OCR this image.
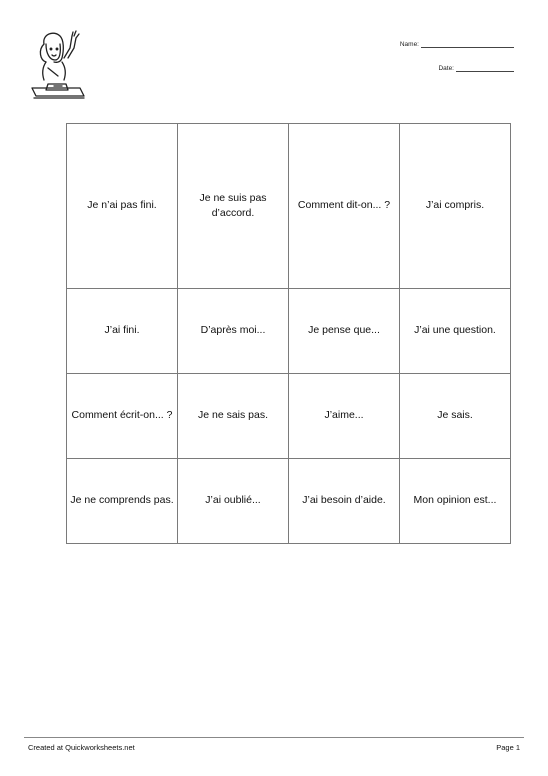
Name:
Date:
Je n’ai pas fini.	Je ne suis pas d’accord.	Comment dit-on... ?	J’ai compris.
J’ai fini.	D’après moi...	Je pense que...	J’ai une question.
Comment écrit-on... ?	Je ne sais pas.	J’aime...	Je sais.
Je ne comprends pas.	J’ai oublié...	J’ai besoin d’aide.	Mon opinion est...
Created at Quickworksheets.net	Page 1
